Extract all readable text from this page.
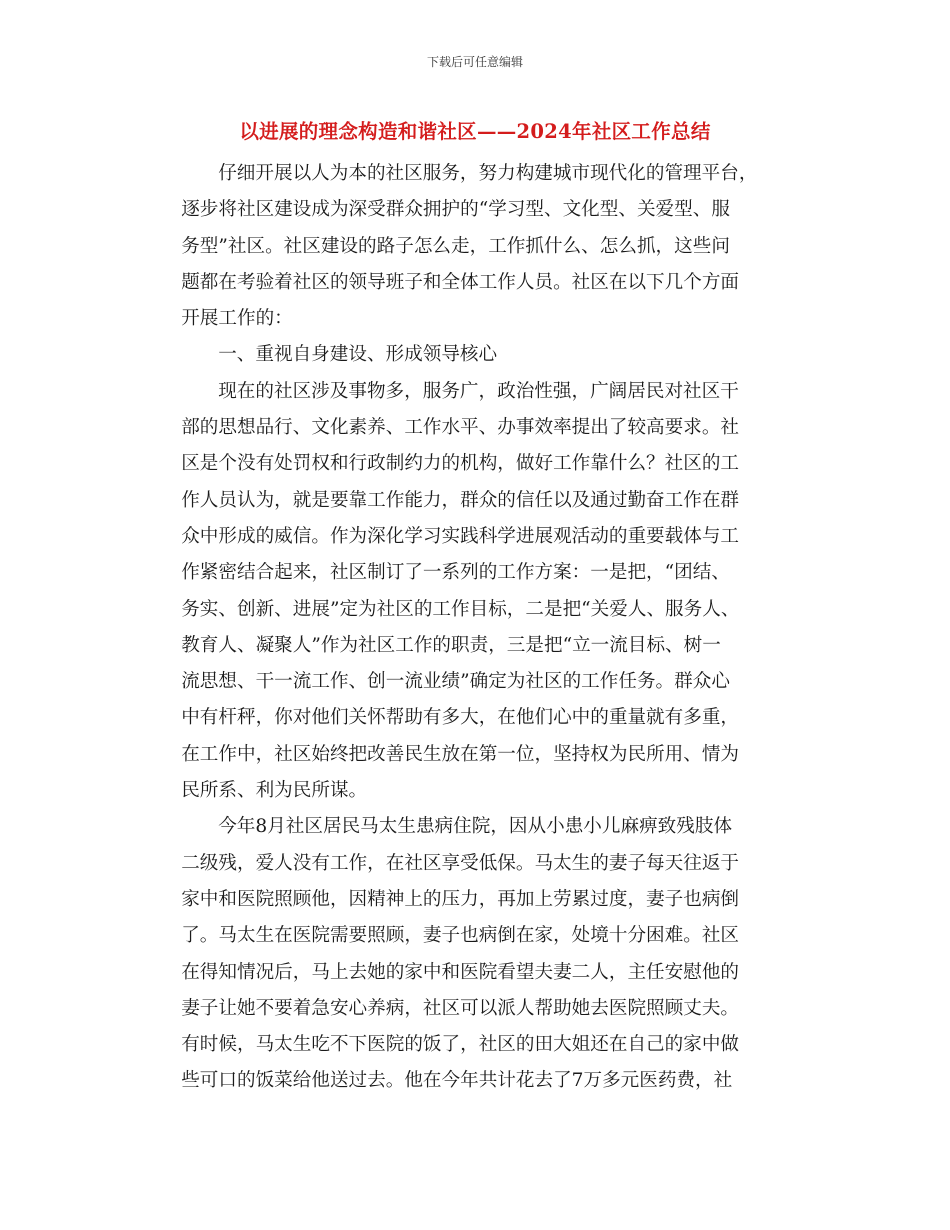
下载后可任意编辑
以进展的理念构造和谐社区——2024年社区工作总结
仔细开展以人为本的社区服务，努力构建城市现代化的管理平台，
逐步将社区建设成为深受群众拥护的“学习型、文化型、关爱型、服
务型”社区。社区建设的路子怎么走，工作抓什么、怎么抓，这些问
题都在考验着社区的领导班子和全体工作人员。社区在以下几个方面
开展工作的：
一、重视自身建设、形成领导核心
现在的社区涉及事物多，服务广，政治性强，广阔居民对社区干
部的思想品行、文化素养、工作水平、办事效率提出了较高要求。社
区是个没有处罚权和行政制约力的机构，做好工作靠什么？社区的工
作人员认为，就是要靠工作能力，群众的信任以及通过勤奋工作在群
众中形成的威信。作为深化学习实践科学进展观活动的重要载体与工
作紧密结合起来，社区制订了一系列的工作方案：一是把，“团结、
务实、创新、进展”定为社区的工作目标，二是把“关爱人、服务人、
教育人、凝聚人”作为社区工作的职责，三是把“立一流目标、树一
流思想、干一流工作、创一流业绩”确定为社区的工作任务。群众心
中有杆秤，你对他们关怀帮助有多大，在他们心中的重量就有多重，
在工作中，社区始终把改善民生放在第一位，坚持权为民所用、情为
民所系、利为民所谋。
今年8月社区居民马太生患病住院，因从小患小儿麻痹致残肢体
二级残，爱人没有工作，在社区享受低保。马太生的妻子每天往返于
家中和医院照顾他，因精神上的压力，再加上劳累过度，妻子也病倒
了。马太生在医院需要照顾，妻子也病倒在家，处境十分困难。社区
在得知情况后，马上去她的家中和医院看望夫妻二人，主任安慰他的
妻子让她不要着急安心养病，社区可以派人帮助她去医院照顾丈夫。
有时候，马太生吃不下医院的饭了，社区的田大姐还在自己的家中做
些可口的饭菜给他送过去。他在今年共计花去了7万多元医药费，社
